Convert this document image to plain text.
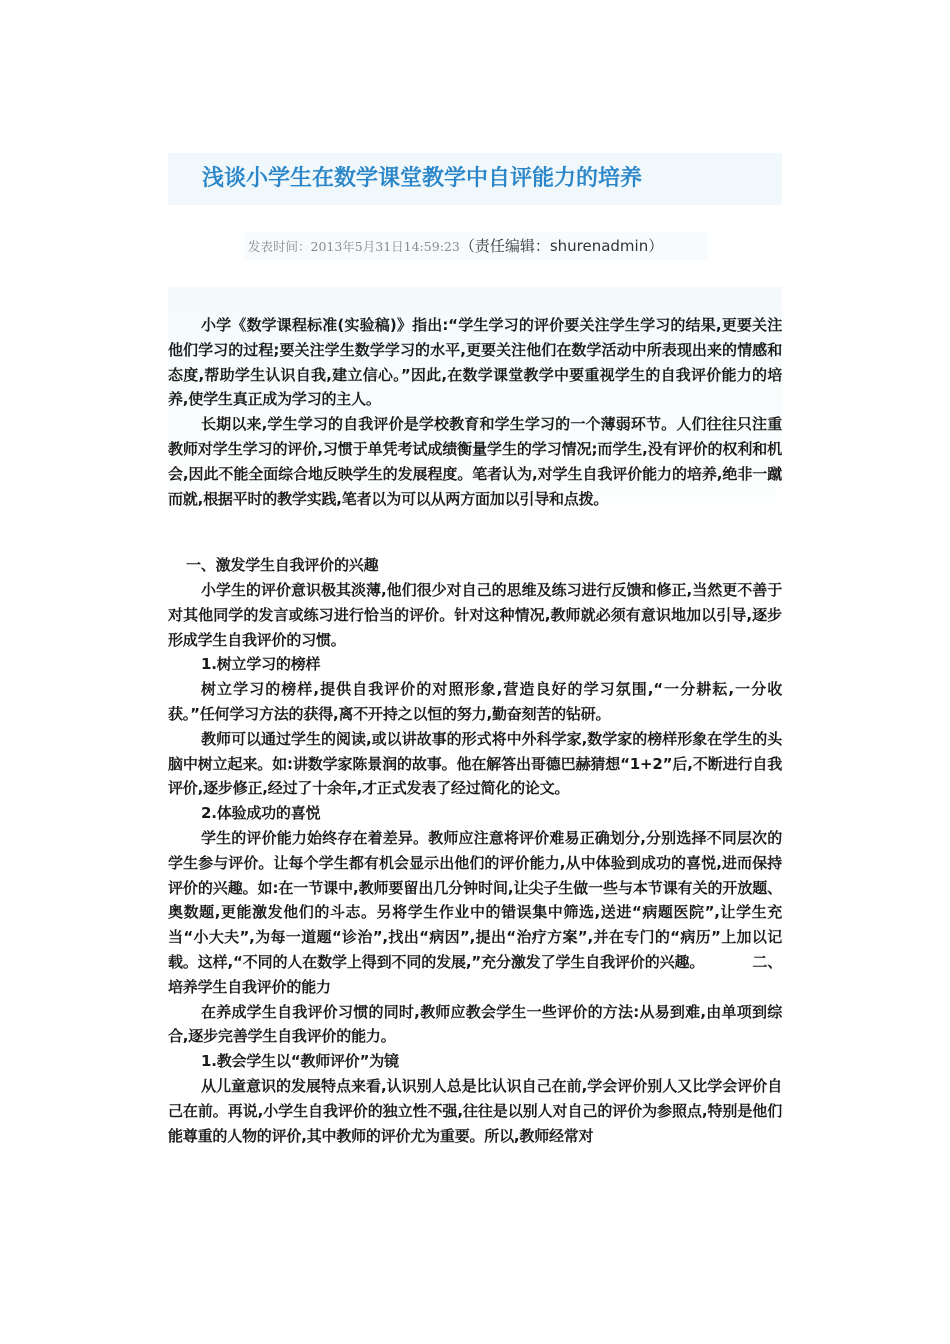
浅谈小学生在数学课堂教学中自评能力的培养
发表时间：2013年5月31日14:59:23（责任编辑：shurenadmin）

小学《数学课程标准(实验稿)》指出:“学生学习的评价要关注学生学习的结果,更要关注他们学习的过程;要关注学生数学学习的水平,更要关注他们在数学活动中所表现出来的情感和态度,帮助学生认识自我,建立信心。”因此,在数学课堂教学中要重视学生的自我评价能力的培养,使学生真正成为学习的主人。

长期以来,学生学习的自我评价是学校教育和学生学习的一个薄弱环节。人们往往只注重教师对学生学习的评价,习惯于单凭考试成绩衡量学生的学习情况;而学生,没有评价的权利和机会,因此不能全面综合地反映学生的发展程度。笔者认为,对学生自我评价能力的培养,绝非一蹴而就,根据平时的教学实践,笔者以为可以从两方面加以引导和点拨。

一、激发学生自我评价的兴趣

小学生的评价意识极其淡薄,他们很少对自己的思维及练习进行反馈和修正,当然更不善于对其他同学的发言或练习进行恰当的评价。针对这种情况,教师就必须有意识地加以引导,逐步形成学生自我评价的习惯。

1.树立学习的榜样

树立学习的榜样,提供自我评价的对照形象,营造良好的学习氛围,“一分耕耘,一分收获。”任何学习方法的获得,离不开持之以恒的努力,勤奋刻苦的钻研。

教师可以通过学生的阅读,或以讲故事的形式将中外科学家,数学家的榜样形象在学生的头脑中树立起来。如:讲数学家陈景润的故事。他在解答出哥德巴赫猜想“1+2”后,不断进行自我评价,逐步修正,经过了十余年,才正式发表了经过简化的论文。

2.体验成功的喜悦

学生的评价能力始终存在着差异。教师应注意将评价难易正确划分,分别选择不同层次的学生参与评价。让每个学生都有机会显示出他们的评价能力,从中体验到成功的喜悦,进而保持评价的兴趣。如:在一节课中,教师要留出几分钟时间,让尖子生做一些与本节课有关的开放题、奥数题,更能激发他们的斗志。另将学生作业中的错误集中筛选,送进“病题医院”,让学生充当“小大夫”,为每一道题“诊治”,找出“病因”,提出“治疗方案”,并在专门的“病历”上加以记载。这样,“不同的人在数学上得到不同的发展,”充分激发了学生自我评价的兴趣。	二、培养学生自我评价的能力

在养成学生自我评价习惯的同时,教师应教会学生一些评价的方法:从易到难,由单项到综合,逐步完善学生自我评价的能力。

1.教会学生以“教师评价”为镜

从儿童意识的发展特点来看,认识别人总是比认识自己在前,学会评价别人又比学会评价自己在前。再说,小学生自我评价的独立性不强,往往是以别人对自己的评价为参照点,特别是他们能尊重的人物的评价,其中教师的评价尤为重要。所以,教师经常对
